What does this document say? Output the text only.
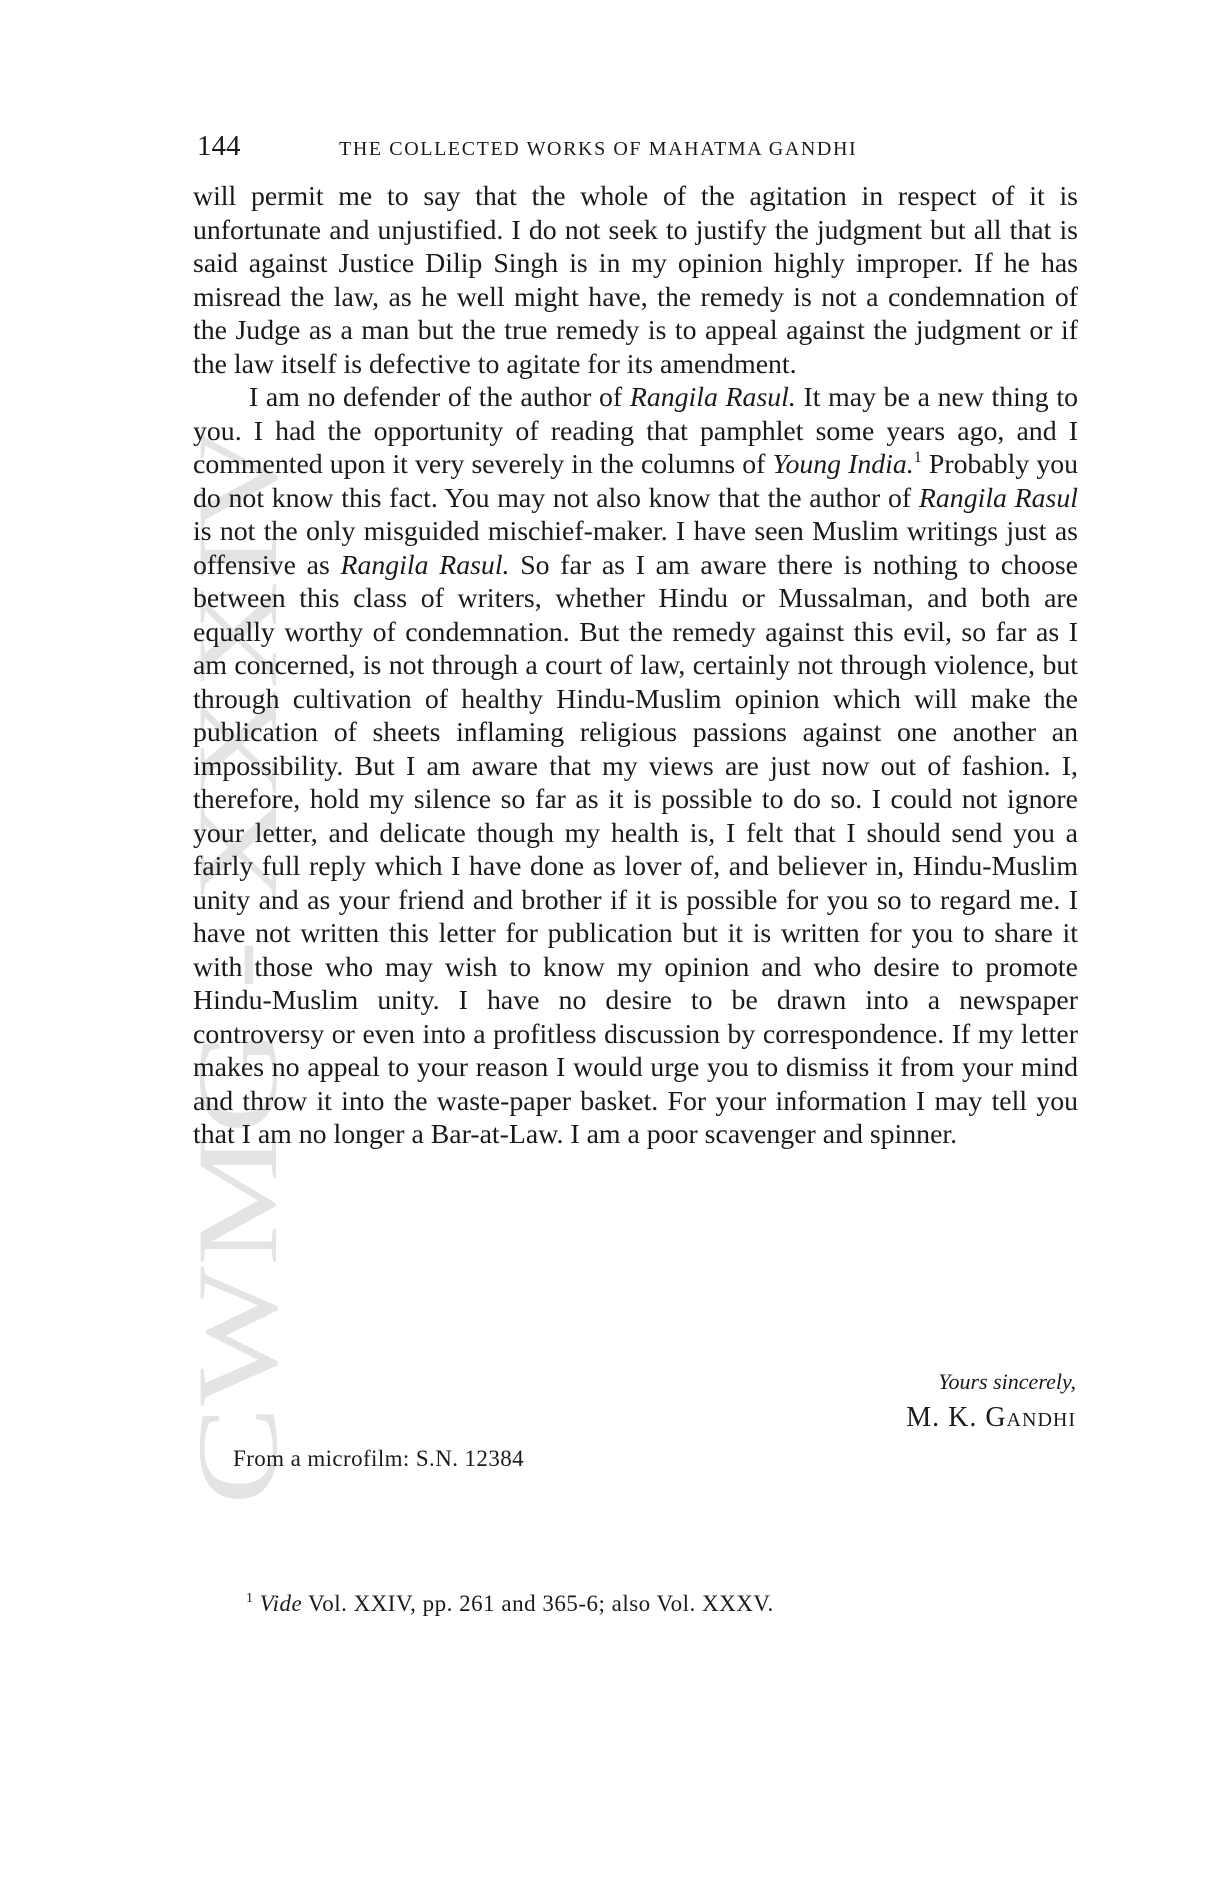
CWMG - XXXIV
144	THE COLLECTED WORKS OF MAHATMA GANDHI

will permit me to say that the whole of the agitation in respect of it is unfortunate and unjustified. I do not seek to justify the judgment but all that is said against Justice Dilip Singh is in my opinion highly improper. If he has misread the law, as he well might have, the remedy is not a condemnation of the Judge as a man but the true remedy is to appeal against the judgment or if the law itself is defective to agitate for its amendment.

I am no defender of the author of Rangila Rasul. It may be a new thing to you. I had the opportunity of reading that pamphlet some years ago, and I commented upon it very severely in the columns of Young India.$^1$ Probably you do not know this fact. You may not also know that the author of Rangila Rasul is not the only misguided mischief-maker. I have seen Muslim writings just as offensive as Rangila Rasul. So far as I am aware there is nothing to choose between this class of writers, whether Hindu or Mussalman, and both are equally worthy of condemnation. But the remedy against this evil, so far as I am concerned, is not through a court of law, certainly not through violence, but through cultivation of healthy Hindu-Muslim opinion which will make the publication of sheets inflaming religious passions against one another an impossibility. But I am aware that my views are just now out of fashion. I, therefore, hold my silence so far as it is possible to do so. I could not ignore your letter, and delicate though my health is, I felt that I should send you a fairly full reply which I have done as lover of, and believer in, Hindu-Muslim unity and as your friend and brother if it is possible for you so to regard me. I have not written this letter for publication but it is written for you to share it with those who may wish to know my opinion and who desire to promote Hindu-Muslim unity. I have no desire to be drawn into a newspaper controversy or even into a profitless discussion by correspondence. If my letter makes no appeal to your reason I would urge you to dismiss it from your mind and throw it into the waste-paper basket. For your information I may tell you that I am no longer a Bar-at-Law. I am a poor scavenger and spinner.

Yours sincerely,
M. K. Gandhi
From a microfilm: S.N. 12384
$^1$ Vide Vol. XXIV, pp. 261 and 365-6; also Vol. XXXV.
